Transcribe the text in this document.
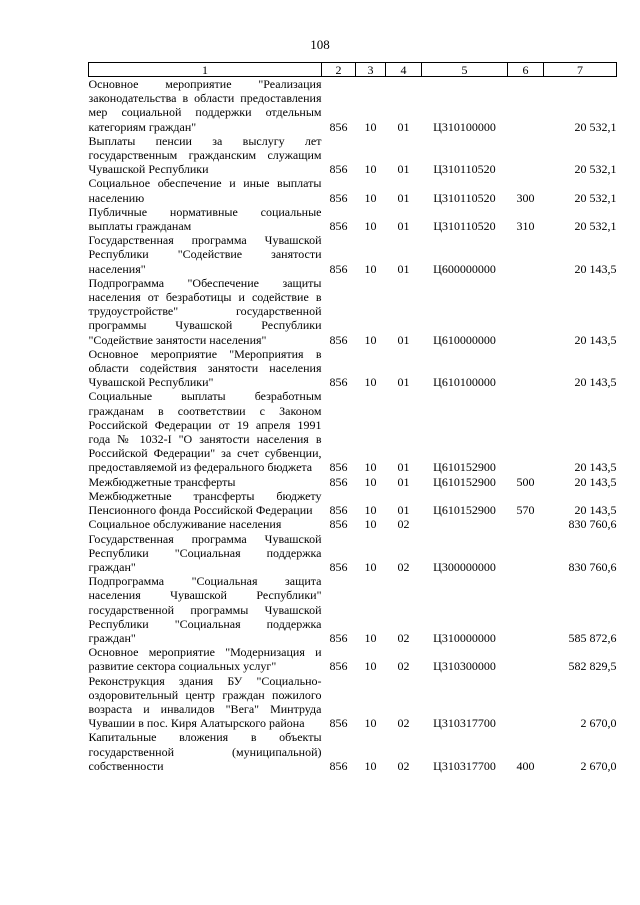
108
1	2	3	4	5	6	7
Основное мероприятие "Реализация законодательства в области предоставления мер социальной поддержки отдельным категориям граждан"	856	10	01	Ц310100000		20 532,1
Выплаты пенсии за выслугу лет государственным гражданским служащим Чувашской Республики	856	10	01	Ц310110520		20 532,1
Социальное обеспечение и иные выплаты населению	856	10	01	Ц310110520	300	20 532,1
Публичные нормативные социальные выплаты гражданам	856	10	01	Ц310110520	310	20 532,1
Государственная программа Чувашской Республики "Содействие занятости населения"	856	10	01	Ц600000000		20 143,5
Подпрограмма "Обеспечение защиты населения от безработицы и содействие в трудоустройстве" государственной программы Чувашской Республики "Содействие занятости населения"	856	10	01	Ц610000000		20 143,5
Основное мероприятие "Мероприятия в области содействия занятости населения Чувашской Республики"	856	10	01	Ц610100000		20 143,5
Социальные выплаты безработным гражданам в соответствии с Законом Российской Федерации от 19 апреля 1991 года № 1032-I "О занятости населения в Российской Федерации" за счет субвенции, предоставляемой из федерального бюджета	856	10	01	Ц610152900		20 143,5
Межбюджетные трансферты	856	10	01	Ц610152900	500	20 143,5
Межбюджетные трансферты бюджету Пенсионного фонда Российской Федерации	856	10	01	Ц610152900	570	20 143,5
Социальное обслуживание населения	856	10	02			830 760,6
Государственная программа Чувашской Республики "Социальная поддержка граждан"	856	10	02	Ц300000000		830 760,6
Подпрограмма "Социальная защита населения Чувашской Республики" государственной программы Чувашской Республики "Социальная поддержка граждан"	856	10	02	Ц310000000		585 872,6
Основное мероприятие "Модернизация и развитие сектора социальных услуг"	856	10	02	Ц310300000		582 829,5
Реконструкция здания БУ "Социально-оздоровительный центр граждан пожилого возраста и инвалидов "Вега" Минтруда Чувашии в пос. Киря Алатырского района	856	10	02	Ц310317700		2 670,0
Капитальные вложения в объекты государственной (муниципальной) собственности	856	10	02	Ц310317700	400	2 670,0
